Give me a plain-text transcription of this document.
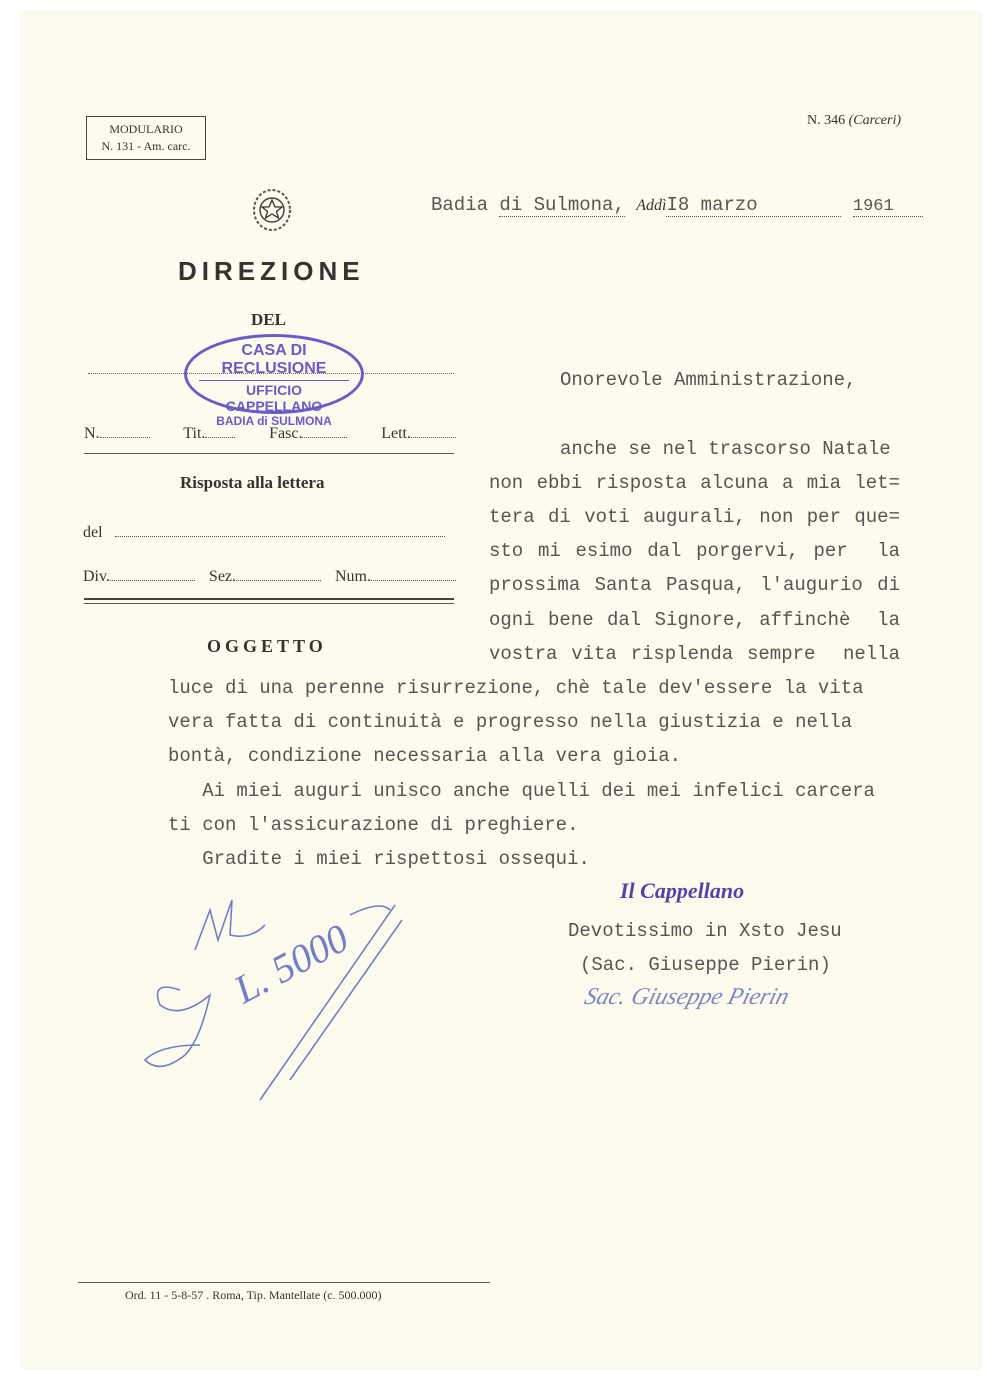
MODULARIO
N. 131 - Am. carc.
N. 346 (Carceri)
Badia di Sulmona, AddìI8 marzo	1961
DIREZIONE
DEL
CASA DI RECLUSIONE
UFFICIO CAPPELLANO
BADIA di SULMONA
N.	Tit.	Fasc.	Lett.
Risposta alla lettera
del
Div.	Sez.	Num.
OGGETTO
Onorevole Amministrazione,
anche se nel trascorso Natale
non ebbi risposta alcuna a mia let=
tera di voti augurali, non per que=
sto mi esimo dal porgervi, per  la
prossima Santa Pasqua, l'augurio di
ogni bene dal Signore, affinchè  la
vostra vita risplenda sempre  nella
luce di una perenne risurrezione, chè tale dev'essere la vita
vera fatta di continuità e progresso nella giustizia e nella
bontà, condizione necessaria alla vera gioia.
Ai miei auguri unisco anche quelli dei mei infelici carcera
ti con l'assicurazione di preghiere.
Gradite i miei rispettosi ossequi.
Il Cappellano
Devotissimo in Xsto Jesu
(Sac. Giuseppe Pierin)
Sac. Giuseppe Pierin
L. 5000
Ord. 11 - 5-8-57 . Roma, Tip. Mantellate (c. 500.000)
